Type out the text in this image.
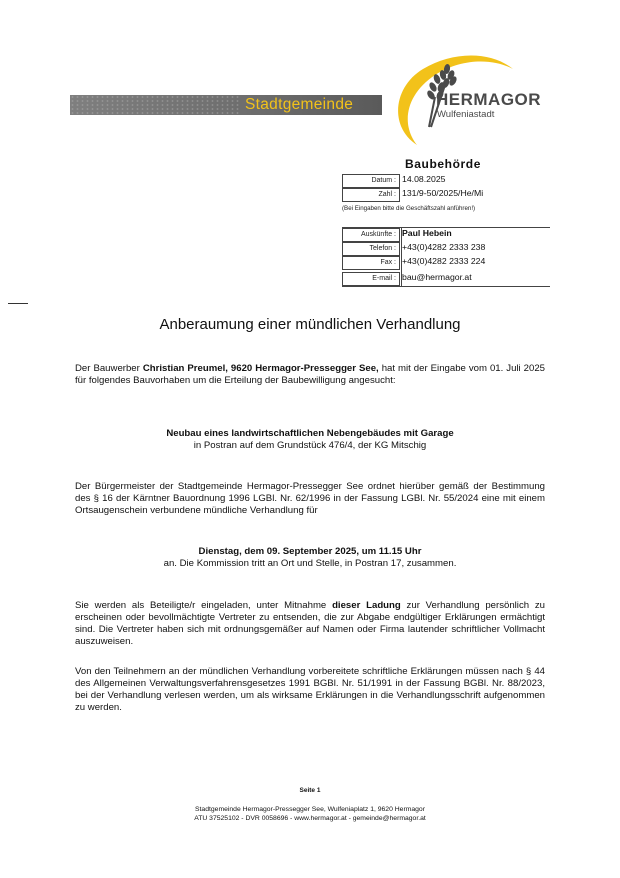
Stadtgemeinde	HERMAGOR
Wulfeniastadt
Baubehörde
Datum : 14.08.2025
Zahl : 131/9-50/2025/He/Mi
(Bei Eingaben bitte die Geschäftszahl anführen!)
Auskünfte : Paul Hebein
Telefon : +43(0)4282 2333 238
Fax : +43(0)4282 2333 224
E-mail : bau@hermagor.at
Anberaumung einer mündlichen Verhandlung
Der Bauwerber Christian Preumel, 9620 Hermagor-Pressegger See, hat mit der Eingabe vom 01. Juli 2025 für folgendes Bauvorhaben um die Erteilung der Baubewilligung angesucht:
Neubau eines landwirtschaftlichen Nebengebäudes mit Garage
in Postran auf dem Grundstück 476/4, der KG Mitschig
Der Bürgermeister der Stadtgemeinde Hermagor-Pressegger See ordnet hierüber gemäß der Bestimmung des § 16 der Kärntner Bauordnung 1996 LGBl. Nr. 62/1996 in der Fassung LGBl. Nr. 55/2024 eine mit einem Ortsaugenschein verbundene mündliche Verhandlung für
Dienstag, dem 09. September 2025, um 11.15 Uhr
an. Die Kommission tritt an Ort und Stelle, in Postran 17, zusammen.
Sie werden als Beteiligte/r eingeladen, unter Mitnahme dieser Ladung zur Verhandlung persönlich zu erscheinen oder bevollmächtigte Vertreter zu entsenden, die zur Abgabe endgültiger Erklärungen ermächtigt sind. Die Vertreter haben sich mit ordnungsgemäßer auf Namen oder Firma lautender schriftlicher Vollmacht auszuweisen.
Von den Teilnehmern an der mündlichen Verhandlung vorbereitete schriftliche Erklärungen müssen nach § 44 des Allgemeinen Verwaltungsverfahrensgesetzes 1991 BGBl. Nr. 51/1991 in der Fassung BGBl. Nr. 88/2023, bei der Verhandlung verlesen werden, um als wirksame Erklärungen in die Verhandlungsschrift aufgenommen zu werden.
Seite 1
Stadtgemeinde Hermagor-Pressegger See, Wulfeniaplatz 1, 9620 Hermagor
ATU 37525102 - DVR 0058696 - www.hermagor.at - gemeinde@hermagor.at
